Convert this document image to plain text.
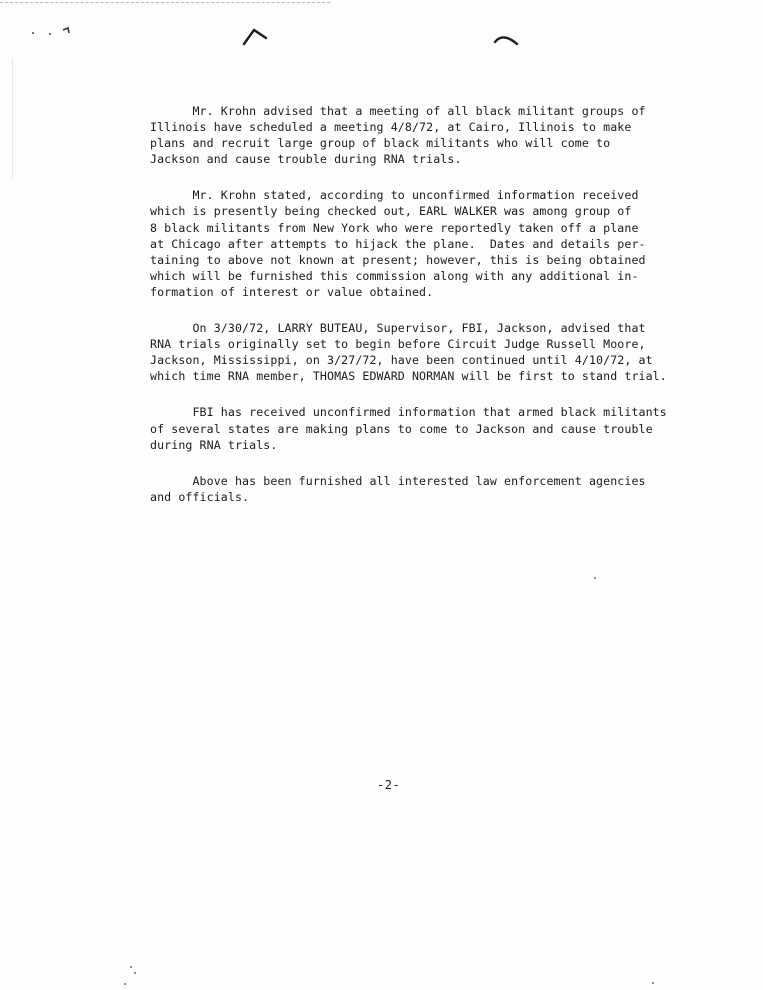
Mr. Krohn advised that a meeting of all black militant groups of
Illinois have scheduled a meeting 4/8/72, at Cairo, Illinois to make
plans and recruit large group of black militants who will come to
Jackson and cause trouble during RNA trials.
Mr. Krohn stated, according to unconfirmed information received
which is presently being checked out, EARL WALKER was among group of
8 black militants from New York who were reportedly taken off a plane
at Chicago after attempts to hijack the plane.  Dates and details per-
taining to above not known at present; however, this is being obtained
which will be furnished this commission along with any additional in-
formation of interest or value obtained.
On 3/30/72, LARRY BUTEAU, Supervisor, FBI, Jackson, advised that
RNA trials originally set to begin before Circuit Judge Russell Moore,
Jackson, Mississippi, on 3/27/72, have been continued until 4/10/72, at
which time RNA member, THOMAS EDWARD NORMAN will be first to stand trial.
FBI has received unconfirmed information that armed black militants
of several states are making plans to come to Jackson and cause trouble
during RNA trials.
Above has been furnished all interested law enforcement agencies
and officials.
-2-
